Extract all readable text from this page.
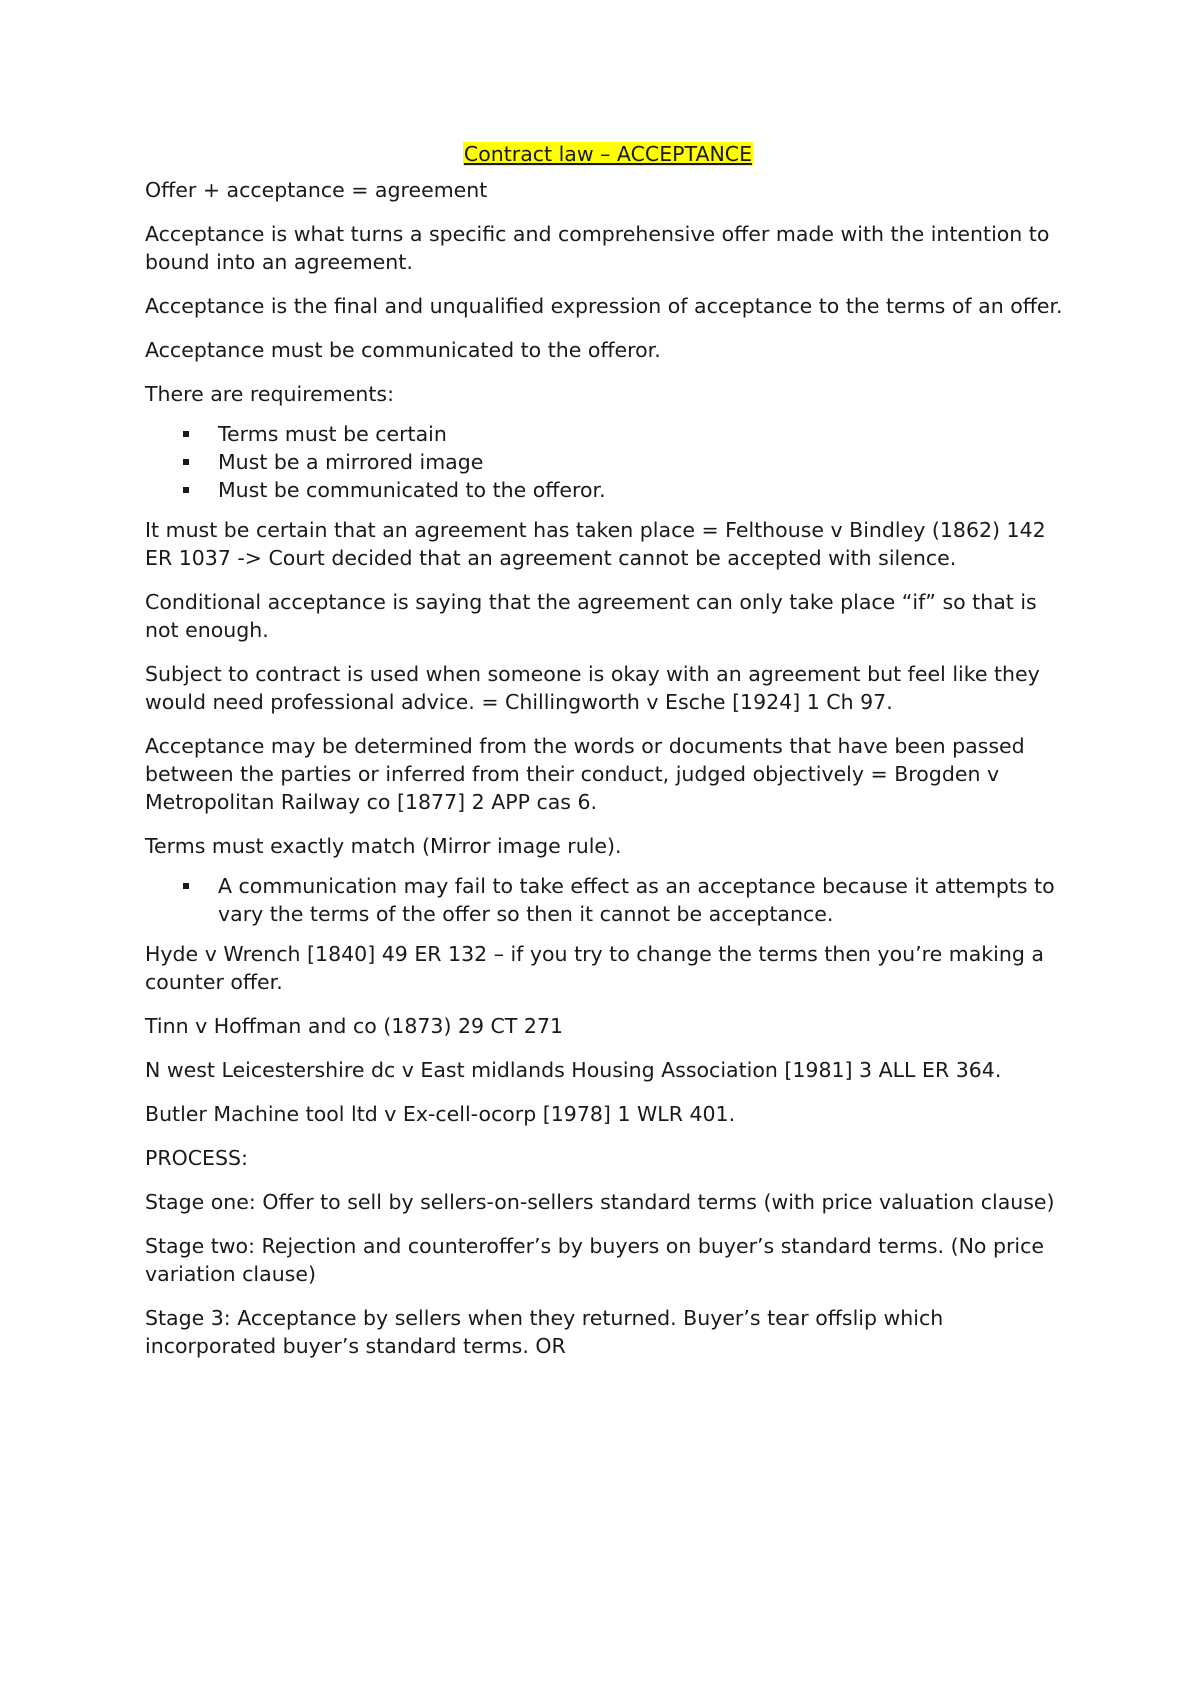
Contract law – ACCEPTANCE

Offer + acceptance = agreement

Acceptance is what turns a specific and comprehensive offer made with the intention to bound into an agreement.

Acceptance is the final and unqualified expression of acceptance to the terms of an offer.

Acceptance must be communicated to the offeror.

There are requirements:

Terms must be certain
Must be a mirrored image
Must be communicated to the offeror.

It must be certain that an agreement has taken place = Felthouse v Bindley (1862) 142 ER 1037 -> Court decided that an agreement cannot be accepted with silence.

Conditional acceptance is saying that the agreement can only take place “if” so that is not enough.

Subject to contract is used when someone is okay with an agreement but feel like they would need professional advice. = Chillingworth v Esche [1924] 1 Ch 97.

Acceptance may be determined from the words or documents that have been passed between the parties or inferred from their conduct, judged objectively = Brogden v Metropolitan Railway co [1877] 2 APP cas 6.

Terms must exactly match (Mirror image rule).

A communication may fail to take effect as an acceptance because it attempts to vary the terms of the offer so then it cannot be acceptance.

Hyde v Wrench [1840] 49 ER 132 – if you try to change the terms then you’re making a counter offer.

Tinn v Hoffman and co (1873) 29 CT 271

N west Leicestershire dc v East midlands Housing Association [1981] 3 ALL ER 364.

Butler Machine tool ltd v Ex-cell-ocorp [1978] 1 WLR 401.

PROCESS:

Stage one: Offer to sell by sellers-on-sellers standard terms (with price valuation clause)

Stage two: Rejection and counteroffer’s by buyers on buyer’s standard terms. (No price variation clause)

Stage 3: Acceptance by sellers when they returned. Buyer’s tear offslip which incorporated buyer’s standard terms. OR
